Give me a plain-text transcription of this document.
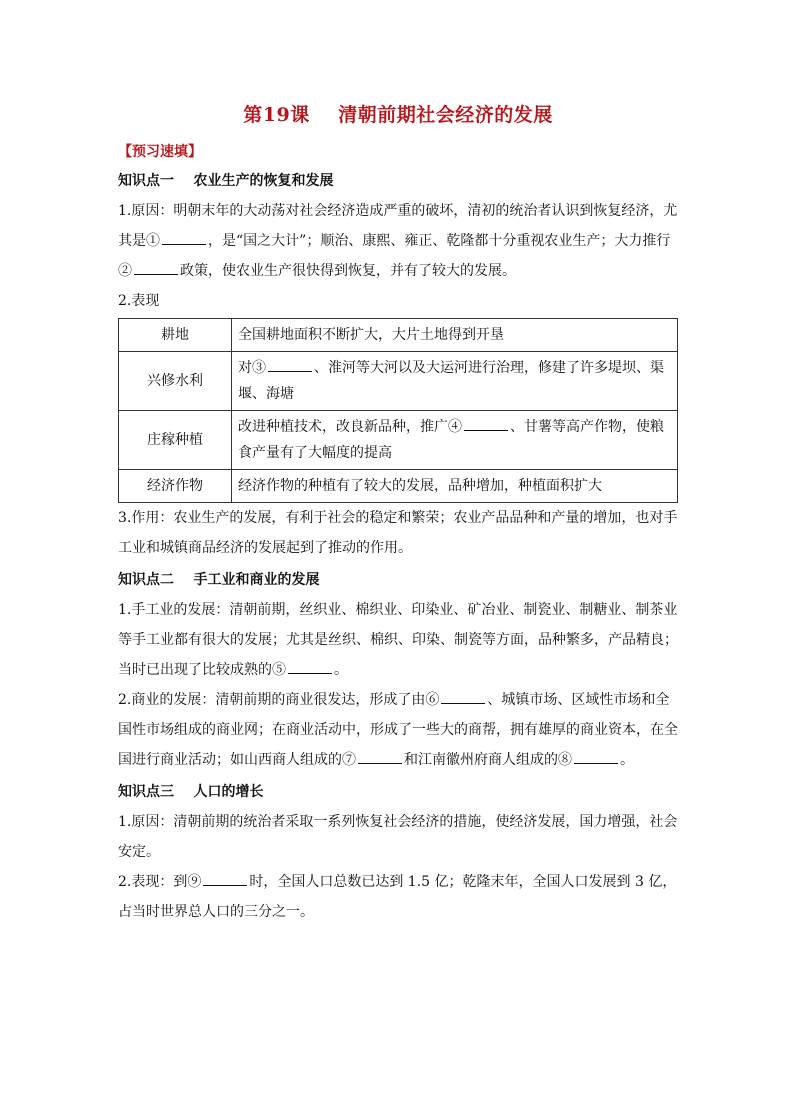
第19课    清朝前期社会经济的发展
【预习速填】
知识点一    农业生产的恢复和发展
1.原因：明朝末年的大动荡对社会经济造成严重的破坏，清初的统治者认识到恢复经济，尤其是①	，是“国之大计”；顺治、康熙、雍正、乾隆都十分重视农业生产；大力推行②	政策，使农业生产很快得到恢复，并有了较大的发展。
2.表现
耕地	全国耕地面积不断扩大，大片土地得到开垦
兴修水利	对③ 、淮河等大河以及大运河进行治理，修建了许多堤坝、渠堰、海塘
庄稼种植	改进种植技术，改良新品种，推广④ 、甘薯等高产作物，使粮食产量有了大幅度的提高
经济作物	经济作物的种植有了较大的发展，品种增加，种植面积扩大
3.作用：农业生产的发展，有利于社会的稳定和繁荣；农业产品品种和产量的增加，也对手工业和城镇商品经济的发展起到了推动的作用。
知识点二    手工业和商业的发展
1.手工业的发展：清朝前期，丝织业、棉织业、印染业、矿冶业、制瓷业、制糖业、制茶业等手工业都有很大的发展；尤其是丝织、棉织、印染、制瓷等方面，品种繁多，产品精良；当时已出现了比较成熟的⑤	。
2.商业的发展：清朝前期的商业很发达，形成了由⑥	、城镇市场、区域性市场和全国性市场组成的商业网；在商业活动中，形成了一些大的商帮，拥有雄厚的商业资本，在全国进行商业活动；如山西商人组成的⑦	和江南徽州府商人组成的⑧	。
知识点三    人口的增长
1.原因：清朝前期的统治者采取一系列恢复社会经济的措施，使经济发展，国力增强，社会安定。
2.表现：到⑨	时，全国人口总数已达到 1.5 亿；乾隆末年，全国人口发展到 3 亿，占当时世界总人口的三分之一。
